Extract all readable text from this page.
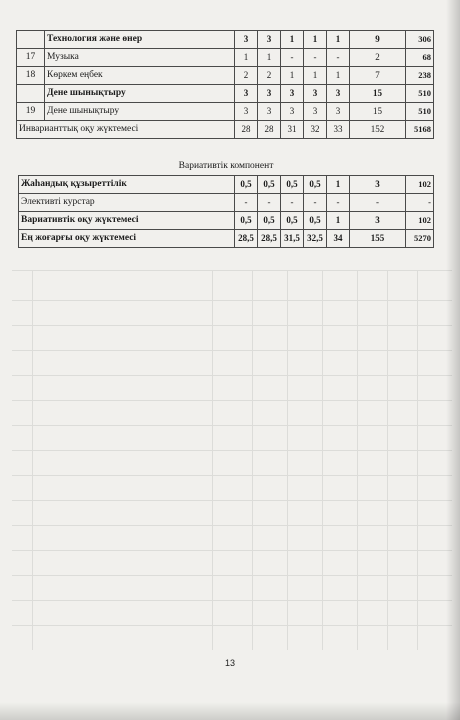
	Технология және өнер	3	3	1	1	1	9	306
17	Музыка	1	1	-	-	-	2	68
18	Көркем еңбек	2	2	1	1	1	7	238
	Дене шынықтыру	3	3	3	3	3	15	510
19	Дене шынықтыру	3	3	3	3	3	15	510
Инварианттық оқу жүктемесі		28	28	31	32	33	152	5168
Вариативтік компонент							
Жаһандық құзыреттілік	0,5	0,5	0,5	0,5	1	3	102
Элективті курстар	-	-	-	-	-	-	-
Вариативтік оқу жүктемесі	0,5	0,5	0,5	0,5	1	3	102
Ең жоғарғы оқу жүктемесі	28,5	28,5	31,5	32,5	34	155	5270
13
